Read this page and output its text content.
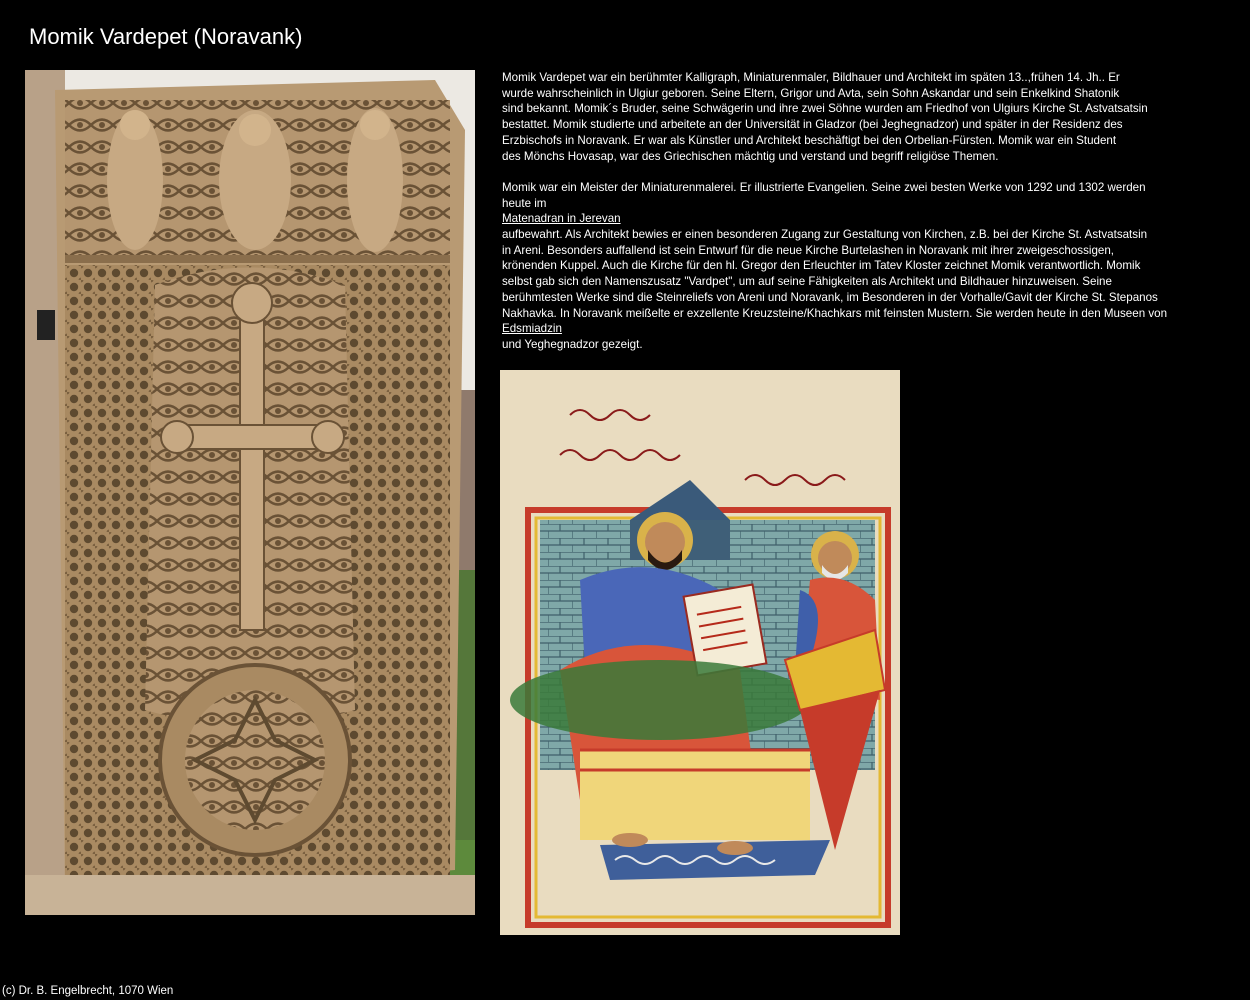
Momik Vardepet (Noravank)

Momik Vardepet war ein berühmter Kalligraph, Miniaturenmaler, Bildhauer und Architekt im späten 13..,frühen 14. Jh.. Er
wurde wahrscheinlich in Ulgiur geboren. Seine Eltern, Grigor und Avta, sein Sohn Askandar und sein Enkelkind Shatonik
sind bekannt. Momik´s Bruder, seine Schwägerin und ihre zwei Söhne wurden am Friedhof von Ulgiurs Kirche St. Astvatsatsin
bestattet. Momik studierte und arbeitete an der Universität in Gladzor (bei Jeghegnadzor) und später in der Residenz des
Erzbischofs in Noravank. Er war als Künstler und Architekt beschäftigt bei den Orbelian-Fürsten. Momik war ein Student
des Mönchs Hovasap, war des Griechischen mächtig und verstand und begriff religiöse Themen.

Momik war ein Meister der Miniaturenmalerei. Er illustrierte Evangelien. Seine zwei besten Werke von 1292 und 1302 werden
heute im

Matenadran in Jerevan

aufbewahrt. Als Architekt bewies er einen besonderen Zugang zur Gestaltung von Kirchen, z.B. bei der Kirche St. Astvatsatsin
in Areni. Besonders auffallend ist sein Entwurf für die neue Kirche Burtelashen in Noravank mit ihrer zweigeschossigen,
krönenden Kuppel. Auch die Kirche für den hl. Gregor den Erleuchter im Tatev Kloster zeichnet Momik verantwortlich. Momik
selbst gab sich den Namenszusatz "Vardpet", um auf seine Fähigkeiten als Architekt und Bildhauer hinzuweisen. Seine
berühmtesten Werke sind die Steinreliefs von Areni und Noravank, im Besonderen in der Vorhalle/Gavit der Kirche St. Stepanos
Nakhavka. In Noravank meißelte er exzellente Kreuzsteine/Khachkars mit feinsten Mustern. Sie werden heute in den Museen von

Edsmiadzin

und Yeghegnadzor gezeigt.

(c) Dr. B. Engelbrecht, 1070 Wien
